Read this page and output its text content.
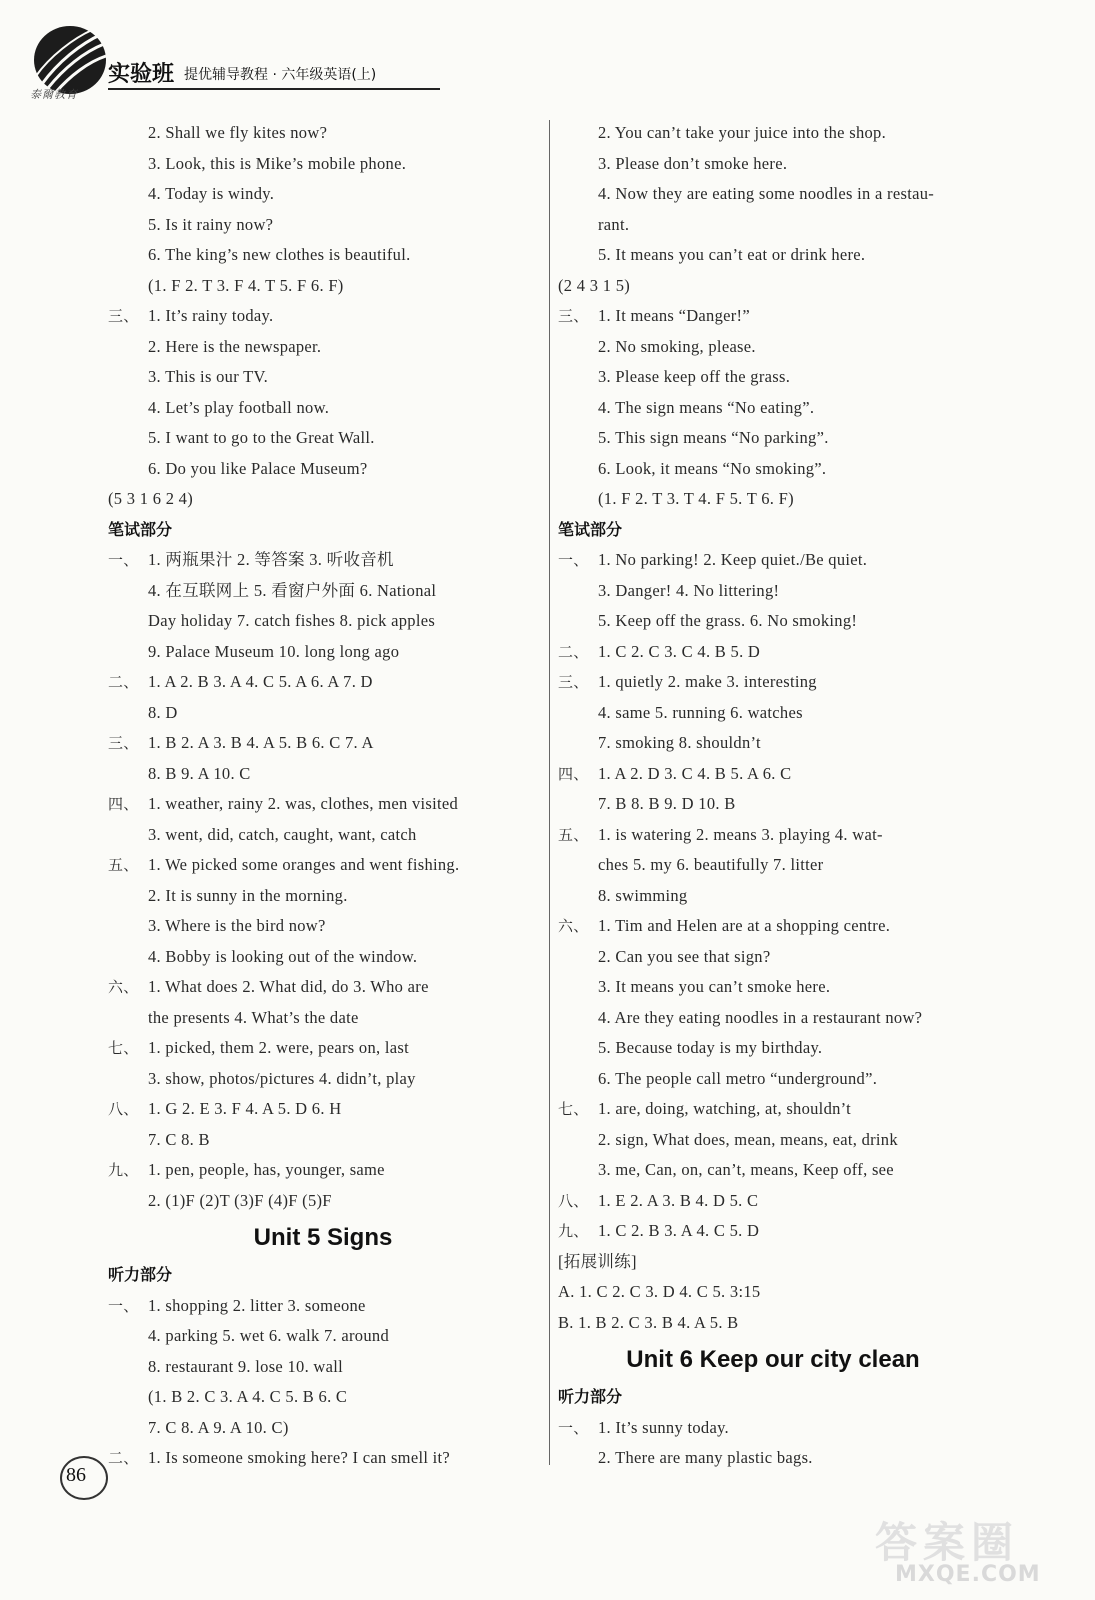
泰爾教育
实验班 提优辅导教程 · 六年级英语(上)
2. Shall we fly kites now?
3. Look, this is Mike’s mobile phone.
4. Today is windy.
5. Is it rainy now?
6. The king’s new clothes is beautiful.
(1. F 2. T 3. F 4. T 5. F 6. F)
三、 1. It’s rainy today.
2. Here is the newspaper.
3. This is our TV.
4. Let’s play football now.
5. I want to go to the Great Wall.
6. Do you like Palace Museum?
(5 3 1 6 2 4)
笔试部分
一、 1. 两瓶果汁 2. 等答案 3. 听收音机
4. 在互联网上 5. 看窗户外面 6. National
Day holiday 7. catch fishes 8. pick apples
9. Palace Museum 10. long long ago
二、 1. A 2. B 3. A 4. C 5. A 6. A 7. D
8. D
三、 1. B 2. A 3. B 4. A 5. B 6. C 7. A
8. B 9. A 10. C
四、 1. weather, rainy 2. was, clothes, men visited
3. went, did, catch, caught, want, catch
五、 1. We picked some oranges and went fishing.
2. It is sunny in the morning.
3. Where is the bird now?
4. Bobby is looking out of the window.
六、 1. What does 2. What did, do 3. Who are
the presents 4. What’s the date
七、 1. picked, them 2. were, pears on, last
3. show, photos/pictures 4. didn’t, play
八、 1. G 2. E 3. F 4. A 5. D 6. H
7. C 8. B
九、 1. pen, people, has, younger, same
2. (1)F (2)T (3)F (4)F (5)F
Unit 5 Signs
听力部分
一、 1. shopping 2. litter 3. someone
4. parking 5. wet 6. walk 7. around
8. restaurant 9. lose 10. wall
(1. B 2. C 3. A 4. C 5. B 6. C
7. C 8. A 9. A 10. C)
二、 1. Is someone smoking here? I can smell it?
2. You can’t take your juice into the shop.
3. Please don’t smoke here.
4. Now they are eating some noodles in a restau-
rant.
5. It means you can’t eat or drink here.
(2 4 3 1 5)
三、 1. It means “Danger!”
2. No smoking, please.
3. Please keep off the grass.
4. The sign means “No eating”.
5. This sign means “No parking”.
6. Look, it means “No smoking”.
(1. F 2. T 3. T 4. F 5. T 6. F)
笔试部分
一、 1. No parking! 2. Keep quiet./Be quiet.
3. Danger! 4. No littering!
5. Keep off the grass. 6. No smoking!
二、 1. C 2. C 3. C 4. B 5. D
三、 1. quietly 2. make 3. interesting
4. same 5. running 6. watches
7. smoking 8. shouldn’t
四、 1. A 2. D 3. C 4. B 5. A 6. C
7. B 8. B 9. D 10. B
五、 1. is watering 2. means 3. playing 4. wat-
ches 5. my 6. beautifully 7. litter
8. swimming
六、 1. Tim and Helen are at a shopping centre.
2. Can you see that sign?
3. It means you can’t smoke here.
4. Are they eating noodles in a restaurant now?
5. Because today is my birthday.
6. The people call metro “underground”.
七、 1. are, doing, watching, at, shouldn’t
2. sign, What does, mean, means, eat, drink
3. me, Can, on, can’t, means, Keep off, see
八、 1. E 2. A 3. B 4. D 5. C
九、 1. C 2. B 3. A 4. C 5. D
[拓展训练]
A. 1. C 2. C 3. D 4. C 5. 3:15
B. 1. B 2. C 3. B 4. A 5. B
Unit 6 Keep our city clean
听力部分
一、 1. It’s sunny today.
2. There are many plastic bags.
86
答案圈
MXQE.COM
